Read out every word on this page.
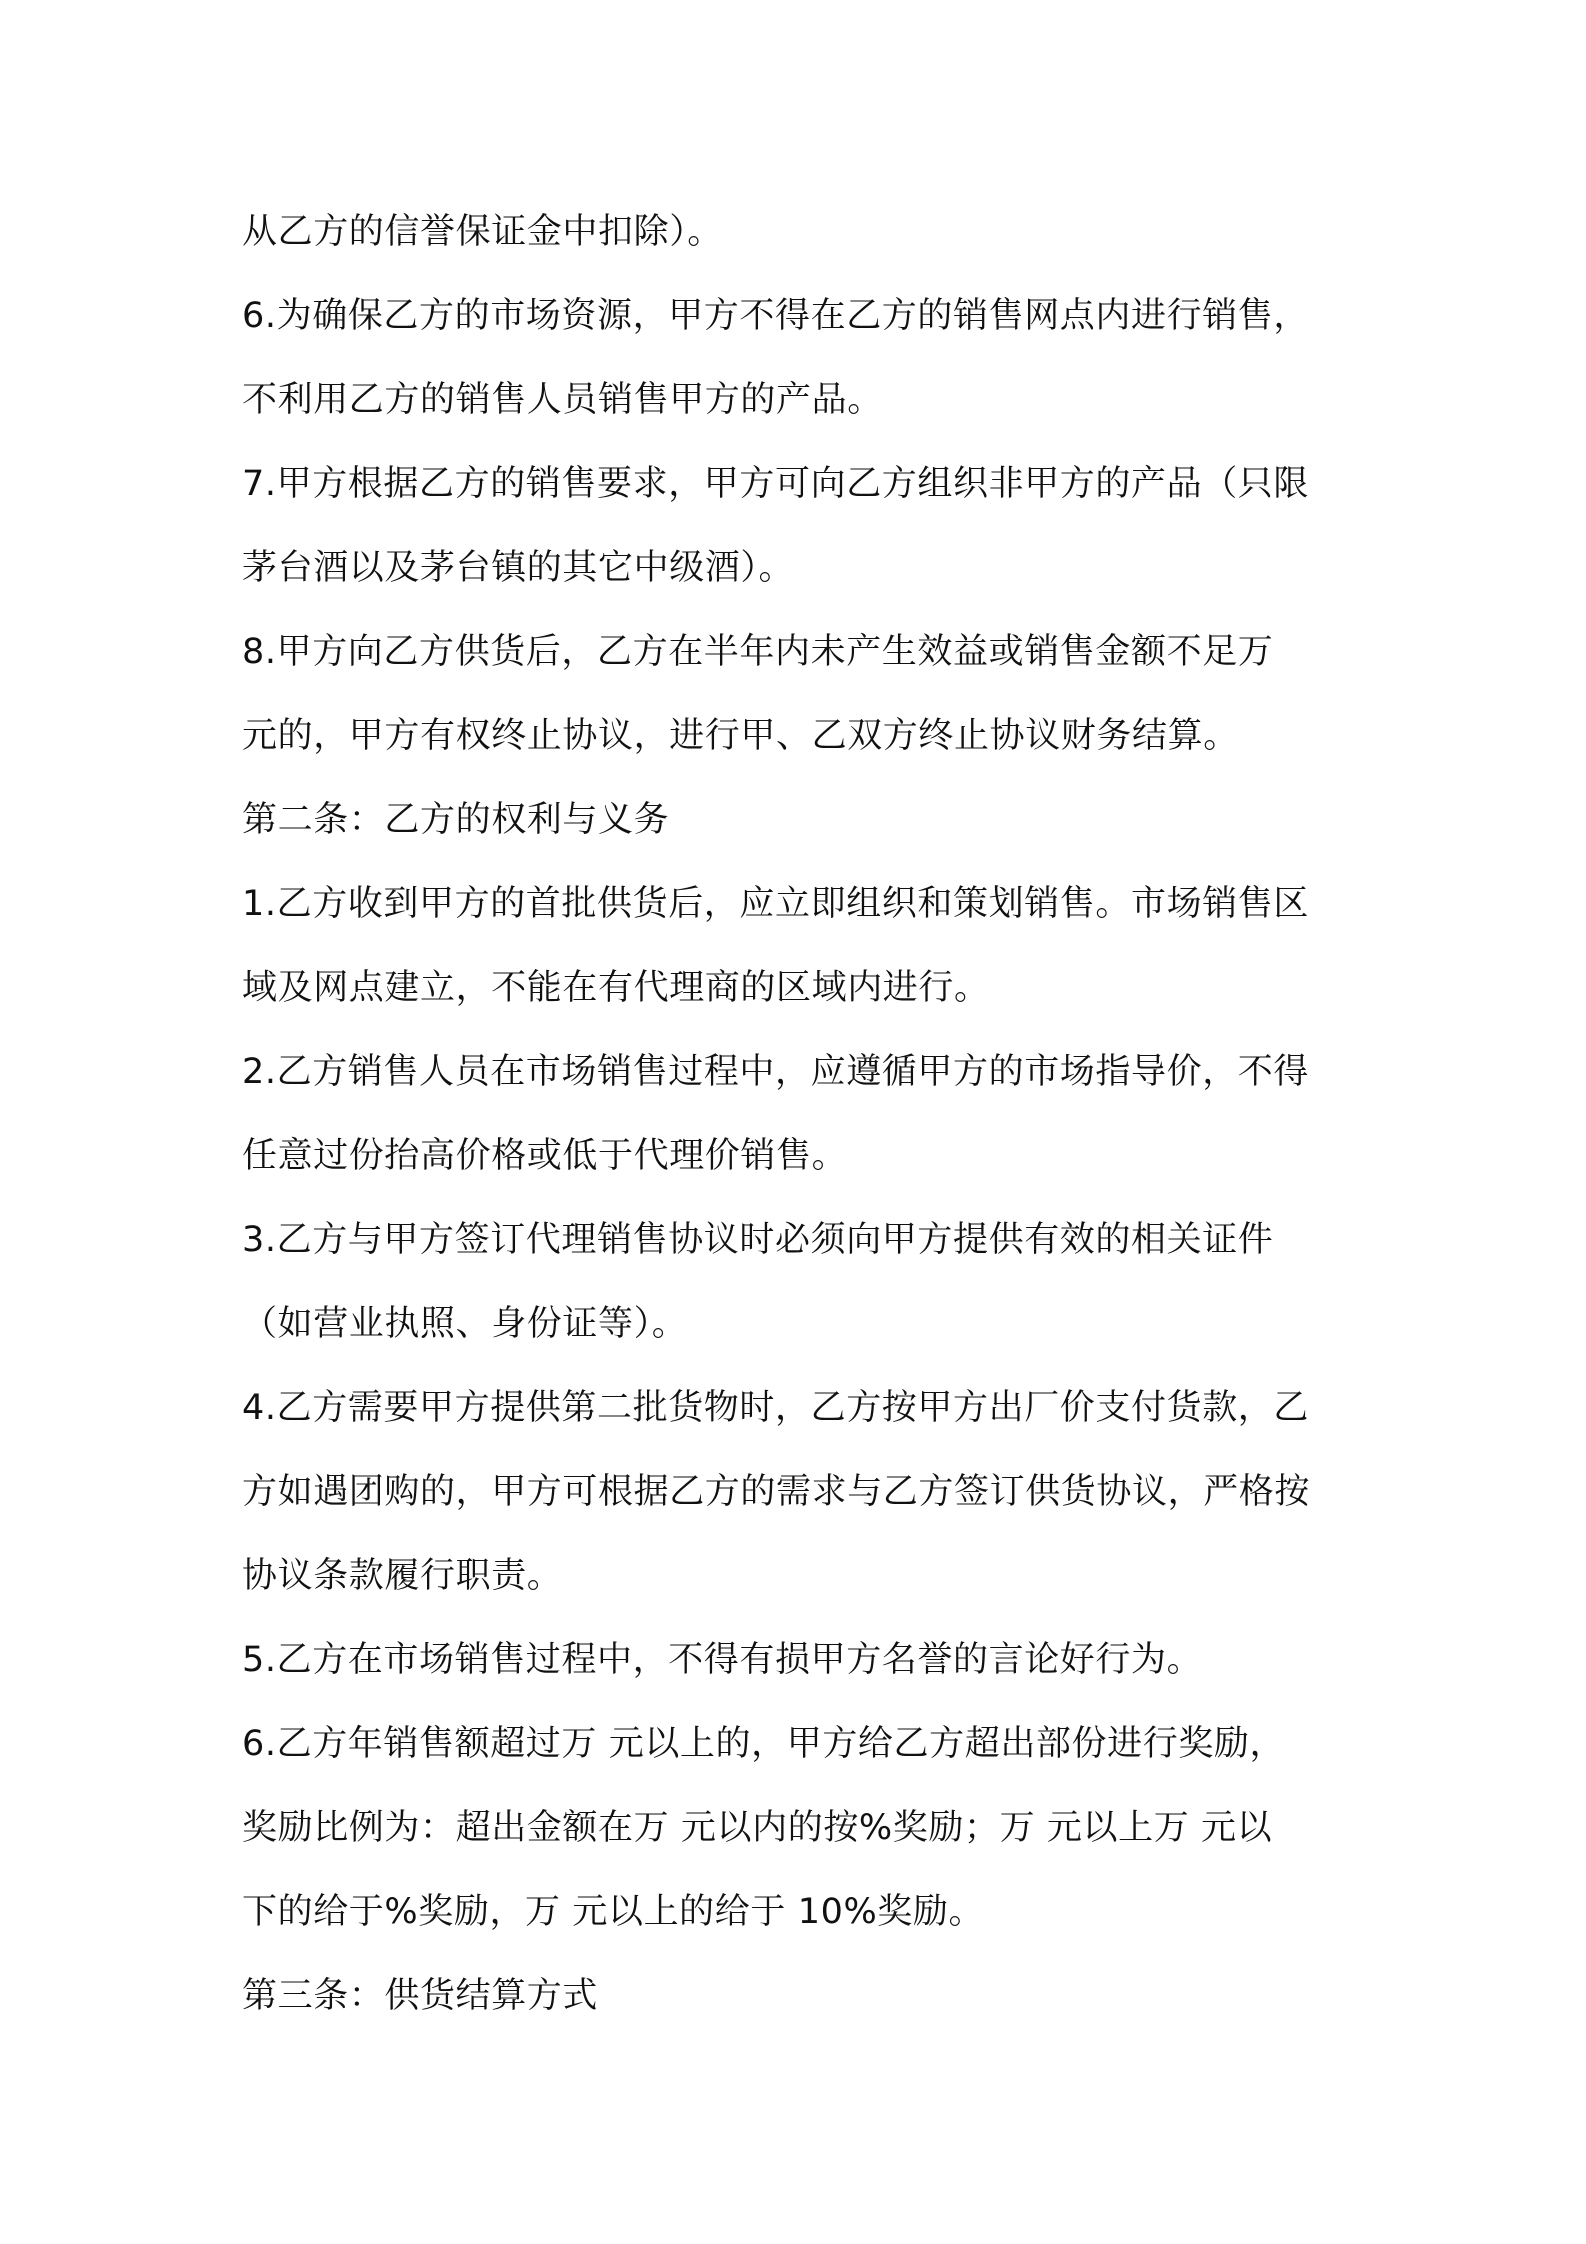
从乙方的信誉保证金中扣除）。
6.为确保乙方的市场资源，甲方不得在乙方的销售网点内进行销售，
不利用乙方的销售人员销售甲方的产品。
7.甲方根据乙方的销售要求，甲方可向乙方组织非甲方的产品（只限
茅台酒以及茅台镇的其它中级酒）。
8.甲方向乙方供货后，乙方在半年内未产生效益或销售金额不足万
元的，甲方有权终止协议，进行甲、乙双方终止协议财务结算。
第二条：乙方的权利与义务
1.乙方收到甲方的首批供货后，应立即组织和策划销售。市场销售区
域及网点建立，不能在有代理商的区域内进行。
2.乙方销售人员在市场销售过程中，应遵循甲方的市场指导价，不得
任意过份抬高价格或低于代理价销售。
3.乙方与甲方签订代理销售协议时必须向甲方提供有效的相关证件
（如营业执照、身份证等）。
4.乙方需要甲方提供第二批货物时，乙方按甲方出厂价支付货款，乙
方如遇团购的，甲方可根据乙方的需求与乙方签订供货协议，严格按
协议条款履行职责。
5.乙方在市场销售过程中，不得有损甲方名誉的言论好行为。
6.乙方年销售额超过万 元以上的，甲方给乙方超出部份进行奖励，
奖励比例为：超出金额在万 元以内的按%奖励；万 元以上万 元以
下的给于%奖励，万 元以上的给于 10%奖励。
第三条：供货结算方式
